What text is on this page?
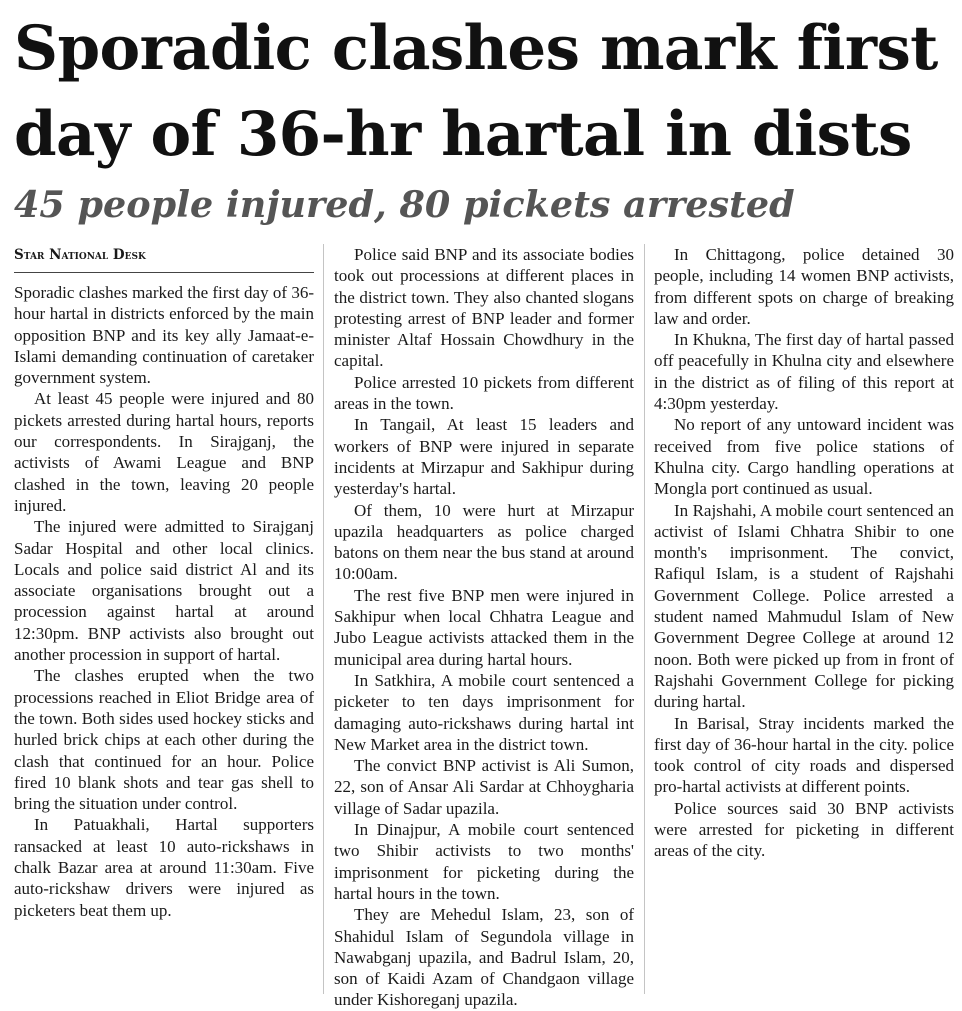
Sporadic clashes mark first day of 36-hr hartal in dists
45 people injured, 80 pickets arrested
Star National Desk

Sporadic clashes marked the first day of 36-hour hartal in districts enforced by the main opposition BNP and its key ally Jamaat-e-Islami demanding continuation of caretaker government system.

At least 45 people were injured and 80 pickets arrested during hartal hours, reports our correspondents. In Sirajganj, the activists of Awami League and BNP clashed in the town, leaving 20 people injured.

The injured were admitted to Sirajganj Sadar Hospital and other local clinics. Locals and police said district Al and its associate organisations brought out a procession against hartal at around 12:30pm. BNP activists also brought out another procession in support of hartal.

The clashes erupted when the two processions reached in Eliot Bridge area of the town. Both sides used hockey sticks and hurled brick chips at each other during the clash that continued for an hour. Police fired 10 blank shots and tear gas shell to bring the situation under control.

In Patuakhali, Hartal supporters ransacked at least 10 auto-rickshaws in chalk Bazar area at around 11:30am. Five auto-rickshaw drivers were injured as picketers beat them up.

Police said BNP and its associate bodies took out processions at different places in the district town. They also chanted slogans protesting arrest of BNP leader and former minister Altaf Hossain Chowdhury in the capital.

Police arrested 10 pickets from different areas in the town.

In Tangail, At least 15 leaders and workers of BNP were injured in separate incidents at Mirzapur and Sakhipur during yesterday's hartal.

Of them, 10 were hurt at Mirzapur upazila headquarters as police charged batons on them near the bus stand at around 10:00am.

The rest five BNP men were injured in Sakhipur when local Chhatra League and Jubo League activists attacked them in the municipal area during hartal hours.

In Satkhira, A mobile court sentenced a picketer to ten days imprisonment for damaging auto-rickshaws during hartal int New Market area in the district town.

The convict BNP activist is Ali Sumon, 22, son of Ansar Ali Sardar at Chhoygharia village of Sadar upazila.

In Dinajpur, A mobile court sentenced two Shibir activists to two months' imprisonment for picketing during the hartal hours in the town.

They are Mehedul Islam, 23, son of Shahidul Islam of Segundola village in Nawabganj upazila, and Badrul Islam, 20, son of Kaidi Azam of Chandgaon village under Kishoreganj upazila.

In Chittagong, police detained 30 people, including 14 women BNP activists, from different spots on charge of breaking law and order.

In Khukna, The first day of hartal passed off peacefully in Khulna city and elsewhere in the district as of filing of this report at 4:30pm yesterday.

No report of any untoward incident was received from five police stations of Khulna city. Cargo handling operations at Mongla port continued as usual.

In Rajshahi, A mobile court sentenced an activist of Islami Chhatra Shibir to one month's imprisonment. The convict, Rafiqul Islam, is a student of Rajshahi Government College. Police arrested a student named Mahmudul Islam of New Government Degree College at around 12 noon. Both were picked up from in front of Rajshahi Government College for picking during hartal.

In Barisal, Stray incidents marked the first day of 36-hour hartal in the city. police took control of city roads and dispersed pro-hartal activists at different points.

Police sources said 30 BNP activists were arrested for picketing in different areas of the city.
